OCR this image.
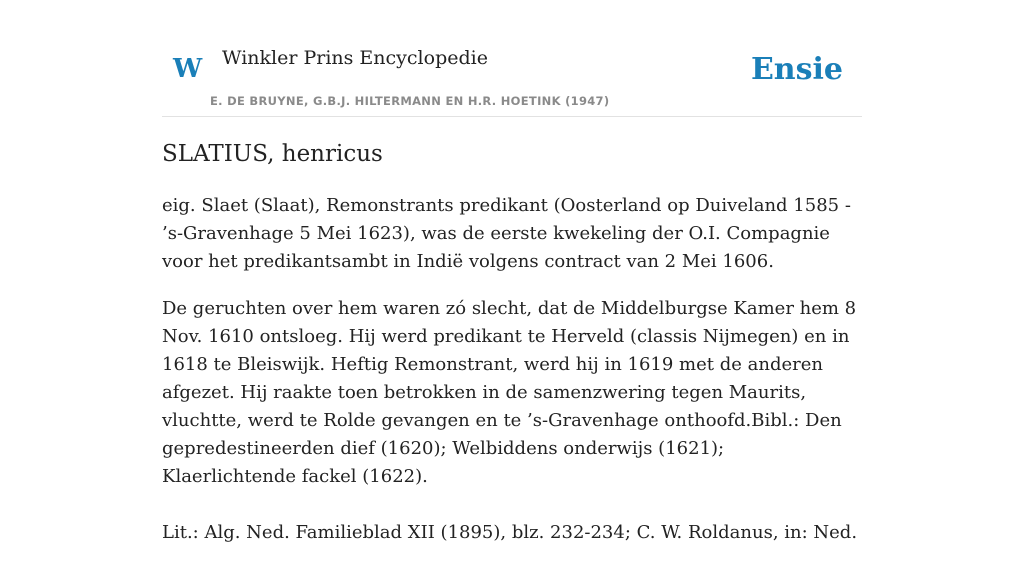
W Winkler Prins Encyclopedie
E. DE BRUYNE, G.B.J. HILTERMANN EN H.R. HOETINK (1947)
Ensie
SLATIUS, henricus

eig. Slaet (Slaat), Remonstrants predikant (Oosterland op Duiveland 1585 - ’s-Gravenhage 5 Mei 1623), was de eerste kwekeling der O.I. Compagnie voor het predikantsambt in Indië volgens contract van 2 Mei 1606.

De geruchten over hem waren zó slecht, dat de Middelburgse Kamer hem 8 Nov. 1610 ontsloeg. Hij werd predikant te Herveld (classis Nijmegen) en in 1618 te Bleiswijk. Heftig Remonstrant, werd hij in 1619 met de anderen afgezet. Hij raakte toen betrokken in de samenzwering tegen Maurits, vluchtte, werd te Rolde gevangen en te ’s-Gravenhage onthoofd.Bibl.: Den gepredestineerden dief (1620); Welbiddens onderwijs (1621); Klaerlichtende fackel (1622).

Lit.: Alg. Ned. Familieblad XII (1895), blz. 232-234; C. W. Roldanus, in: Ned.
